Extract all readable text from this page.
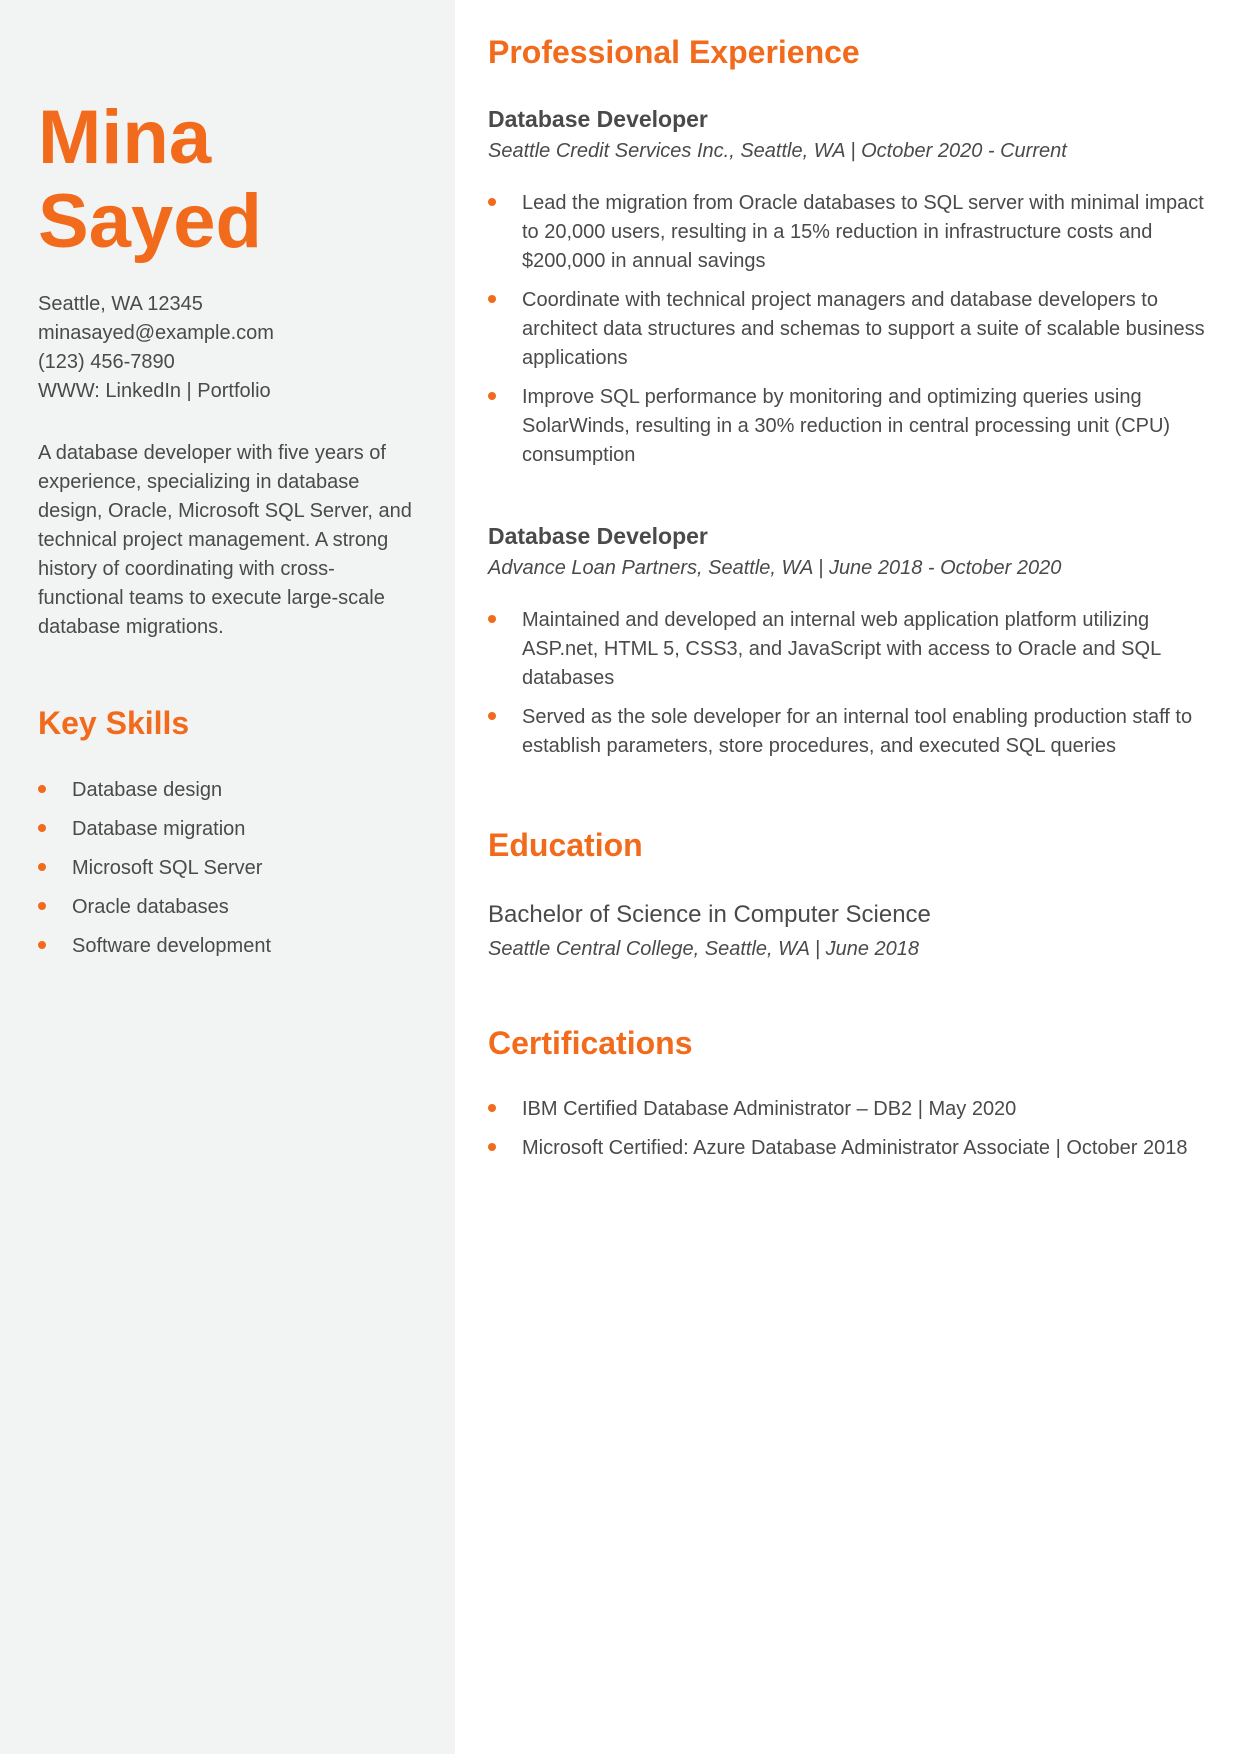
Mina
Sayed
Seattle, WA 12345
minasayed@example.com
(123) 456-7890
WWW: LinkedIn | Portfolio

A database developer with five years of experience, specializing in database design, Oracle, Microsoft SQL Server, and technical project management. A strong history of coordinating with cross-functional teams to execute large-scale database migrations.

Key Skills
Database design
Database migration
Microsoft SQL Server
Oracle databases
Software development
Professional Experience
Database Developer
Seattle Credit Services Inc., Seattle, WA | October 2020 - Current
Lead the migration from Oracle databases to SQL server with minimal impact to 20,000 users, resulting in a 15% reduction in infrastructure costs and $200,000 in annual savings
Coordinate with technical project managers and database developers to architect data structures and schemas to support a suite of scalable business applications
Improve SQL performance by monitoring and optimizing queries using SolarWinds, resulting in a 30% reduction in central processing unit (CPU) consumption
Database Developer
Advance Loan Partners, Seattle, WA | June 2018 - October 2020
Maintained and developed an internal web application platform utilizing ASP.net, HTML 5, CSS3, and JavaScript with access to Oracle and SQL databases
Served as the sole developer for an internal tool enabling production staff to establish parameters, store procedures, and executed SQL queries
Education

Bachelor of Science in Computer Science

Seattle Central College, Seattle, WA | June 2018
Certifications
IBM Certified Database Administrator – DB2 | May 2020
Microsoft Certified: Azure Database Administrator Associate | October 2018
